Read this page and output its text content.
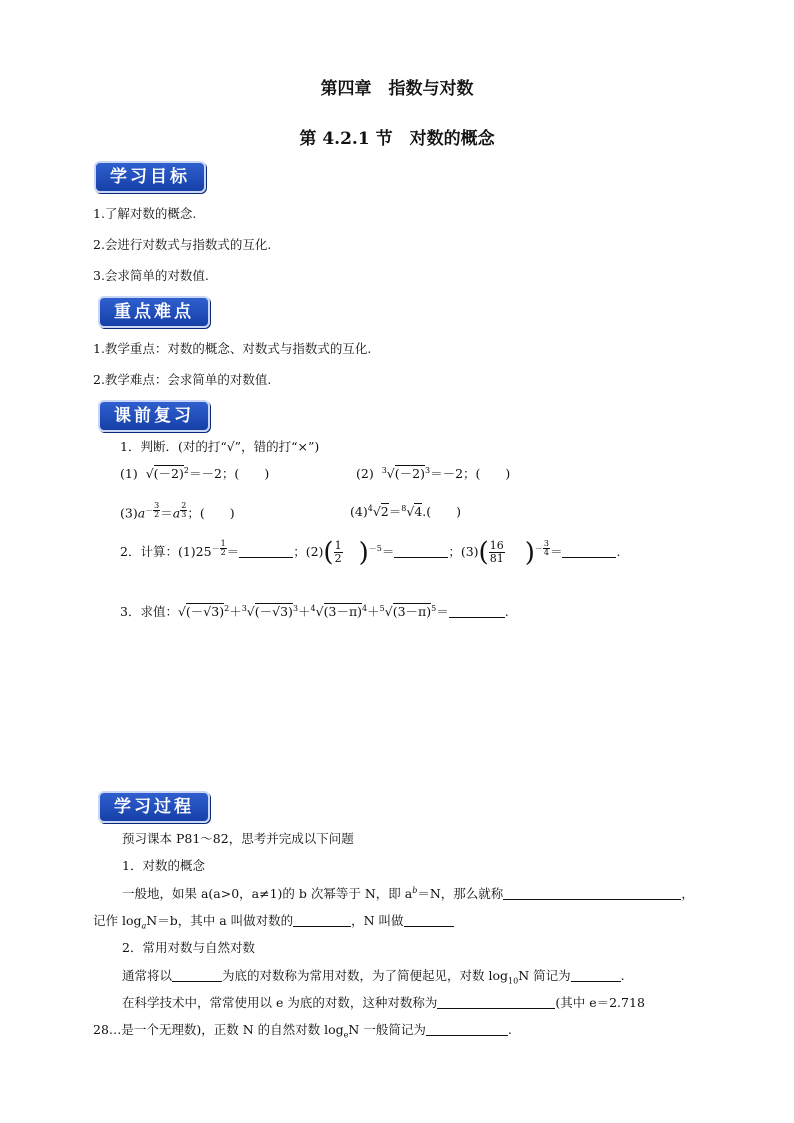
第四章　指数与对数
第 4.2.1 节　对数的概念
学习目标
1.了解对数的概念.
2.会进行对数式与指数式的互化.
3.会求简单的对数值.
重点难点
1.教学重点：对数的概念、对数式与指数式的互化.
2.教学难点：会求简单的对数值.
课前复习
1．判断．(对的打“√”，错的打“×”)
(1) $√(-2)^2=-2$；(　　)	(2) $^3√(-2)^3=-2$；(　　)
$(3)a^{- \frac{3}{2}} =a$ $^{\frac{2}{3}}$ ；(　　)	$(4)^4√2=^8√4$.(　　)
2．计算：$(1)25^{- \frac{1}{2}}$ ＝	；$(2)( \frac{1}{2} )^{-5}=$	；$(3)( \frac{16}{81} )^{- \frac{3}{4}}$ ＝	.
3．求值：$√(-√3)^2+^3√(-√3)^3+^4√(3-\pi)^4+^5√(3-\pi)^5=$	.
学习过程
预习课本 P81～82，思考并完成以下问题
1．对数的概念
一般地，如果 a(a>0，a≠1)的 b 次幂等于 N，即 $a^b=N$，那么就称	，
记作 $\log_aN=b$，其中 a 叫做对数的	，N 叫做
2．常用对数与自然对数
通常将以	为底的对数称为常用对数，为了简便起见，对数 $\log_{10}N$ 简记为	.
在科学技术中，常常使用以 e 为底的对数，这种对数称为	(其中 e＝2.718
28…是一个无理数)，正数 N 的自然对数 $\log_eN$ 一般简记为	.
